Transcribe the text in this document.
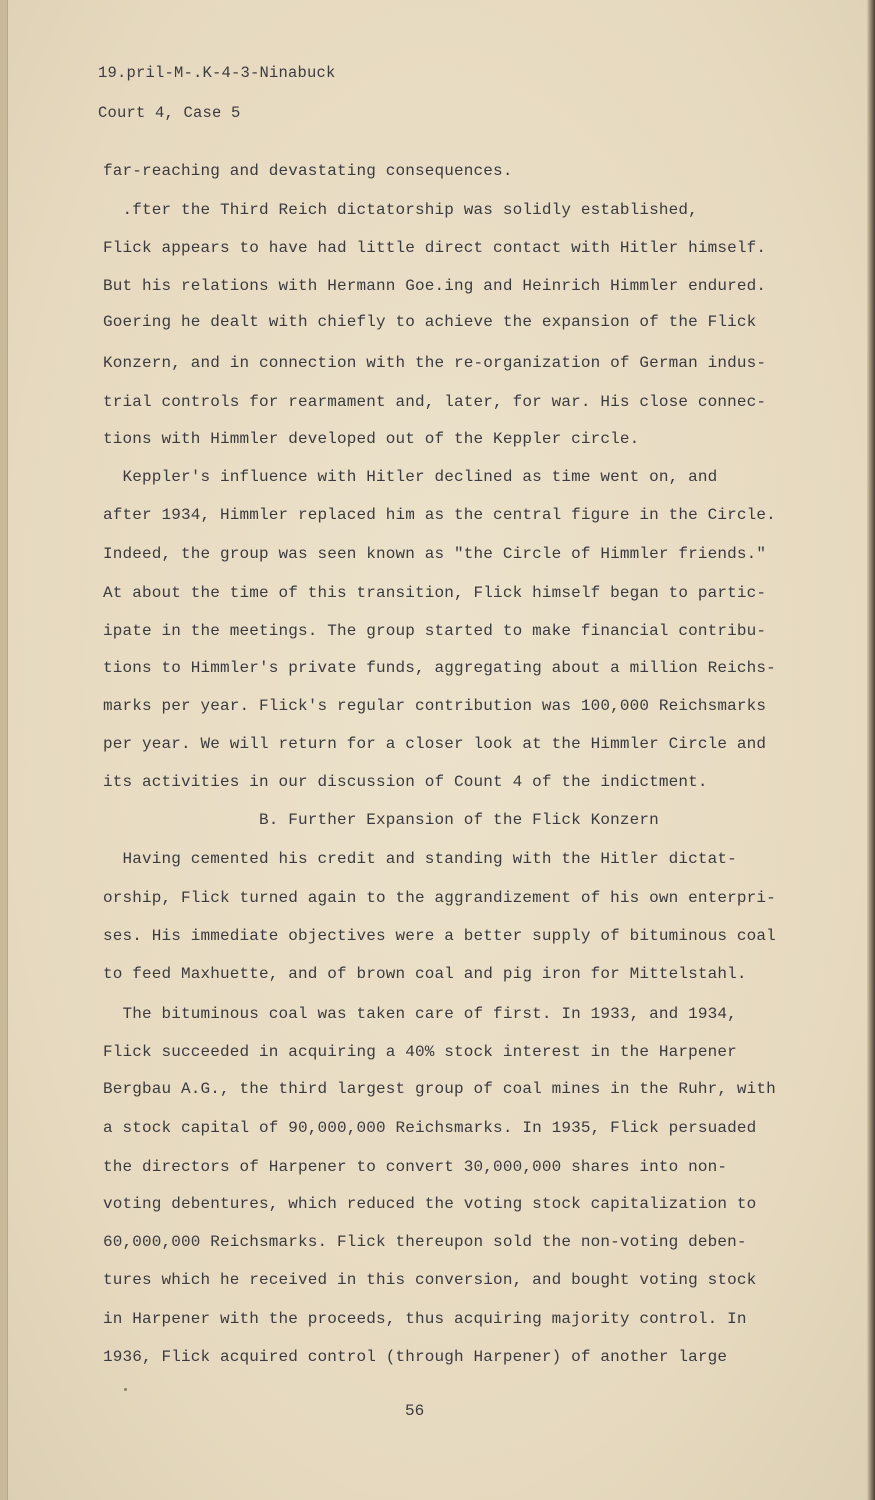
19.pril-M-.K-4-3-Ninabuck
Court 4, Case 5
far-reaching and devastating consequences.
.fter the Third Reich dictatorship was solidly established,
Flick appears to have had little direct contact with Hitler himself.
But his relations with Hermann Goe.ing and Heinrich Himmler endured.
Goering he dealt with chiefly to achieve the expansion of the Flick
Konzern, and in connection with the re-organization of German indus-
trial controls for rearmament and, later, for war. His close connec-
tions with Himmler developed out of the Keppler circle.
Keppler's influence with Hitler declined as time went on, and
after 1934, Himmler replaced him as the central figure in the Circle.
Indeed, the group was seen known as "the Circle of Himmler friends."
At about the time of this transition, Flick himself began to partic-
ipate in the meetings. The group started to make financial contribu-
tions to Himmler's private funds, aggregating about a million Reichs-
marks per year. Flick's regular contribution was 100,000 Reichsmarks
per year. We will return for a closer look at the Himmler Circle and
its activities in our discussion of Count 4 of the indictment.
B. Further Expansion of the Flick Konzern
Having cemented his credit and standing with the Hitler dictat-
orship, Flick turned again to the aggrandizement of his own enterpri-
ses. His immediate objectives were a better supply of bituminous coal
to feed Maxhuette, and of brown coal and pig iron for Mittelstahl.
The bituminous coal was taken care of first. In 1933, and 1934,
Flick succeeded in acquiring a 40% stock interest in the Harpener
Bergbau A.G., the third largest group of coal mines in the Ruhr, with
a stock capital of 90,000,000 Reichsmarks. In 1935, Flick persuaded
the directors of Harpener to convert 30,000,000 shares into non-
voting debentures, which reduced the voting stock capitalization to
60,000,000 Reichsmarks. Flick thereupon sold the non-voting deben-
tures which he received in this conversion, and bought voting stock
in Harpener with the proceeds, thus acquiring majority control. In
1936, Flick acquired control (through Harpener) of another large
56
